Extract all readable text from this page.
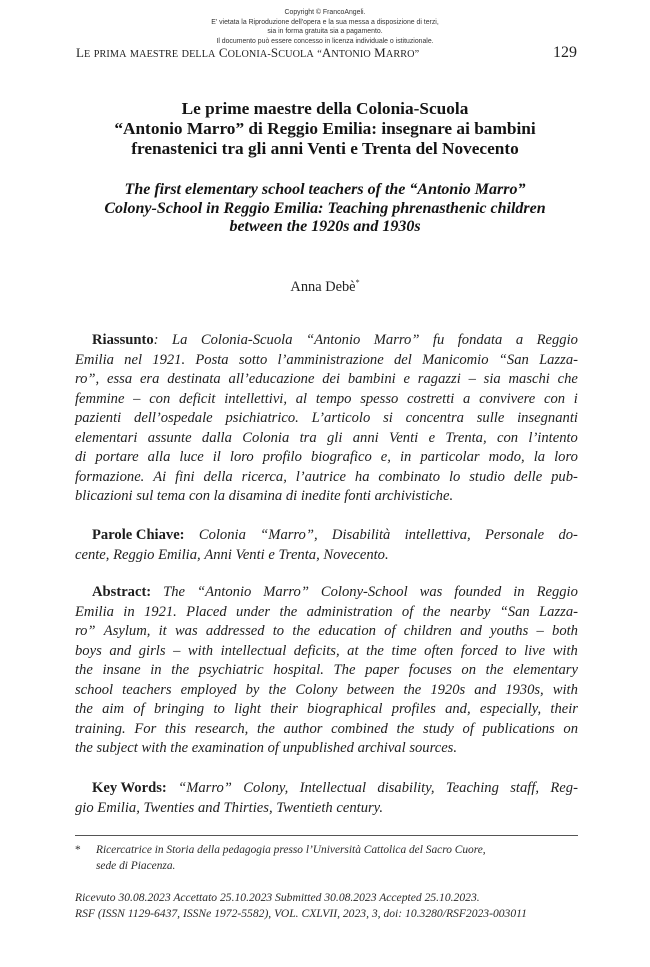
Copyright © FrancoAngeli.
E' vietata la Riproduzione dell'opera e la sua messa a disposizione di terzi,
sia in forma gratuita sia a pagamento.
Il documento può essere concesso in licenza individuale o istituzionale.
LE PRIMA MAESTRE DELLA COLONIA-SCUOLA “ANTONIO MARRO”	129
Le prime maestre della Colonia-Scuola
“Antonio Marro” di Reggio Emilia: insegnare ai bambini
frenastenici tra gli anni Venti e Trenta del Novecento
The first elementary school teachers of the “Antonio Marro”
Colony-School in Reggio Emilia: Teaching phrenasthenic children
between the 1920s and 1930s
Anna Debè*
Riassunto: La Colonia-Scuola “Antonio Marro” fu fondata a Reggio
Emilia nel 1921. Posta sotto l’amministrazione del Manicomio “San Lazza-
ro”, essa era destinata all’educazione dei bambini e ragazzi – sia maschi che
femmine – con deficit intellettivi, al tempo spesso costretti a convivere con i
pazienti dell’ospedale psichiatrico. L’articolo si concentra sulle insegnanti
elementari assunte dalla Colonia tra gli anni Venti e Trenta, con l’intento
di portare alla luce il loro profilo biografico e, in particolar modo, la loro
formazione. Ai fini della ricerca, l’autrice ha combinato lo studio delle pub-
blicazioni sul tema con la disamina di inedite fonti archivistiche.
Parole Chiave: Colonia “Marro”, Disabilità intellettiva, Personale do-
cente, Reggio Emilia, Anni Venti e Trenta, Novecento.
Abstract: The “Antonio Marro” Colony-School was founded in Reggio
Emilia in 1921. Placed under the administration of the nearby “San Lazza-
ro” Asylum, it was addressed to the education of children and youths – both
boys and girls – with intellectual deficits, at the time often forced to live with
the insane in the psychiatric hospital. The paper focuses on the elementary
school teachers employed by the Colony between the 1920s and 1930s, with
the aim of bringing to light their biographical profiles and, especially, their
training. For this research, the author combined the study of publications on
the subject with the examination of unpublished archival sources.
Key Words: “Marro” Colony, Intellectual disability, Teaching staff, Reg-
gio Emilia, Twenties and Thirties, Twentieth century.
* Ricercatrice in Storia della pedagogia presso l’Università Cattolica del Sacro Cuore,
sede di Piacenza.
Ricevuto 30.08.2023 Accettato 25.10.2023 Submitted 30.08.2023 Accepted 25.10.2023.
RSF (ISSN 1129-6437, ISSNe 1972-5582), VOL. CXLVII, 2023, 3, doi: 10.3280/RSF2023-003011
